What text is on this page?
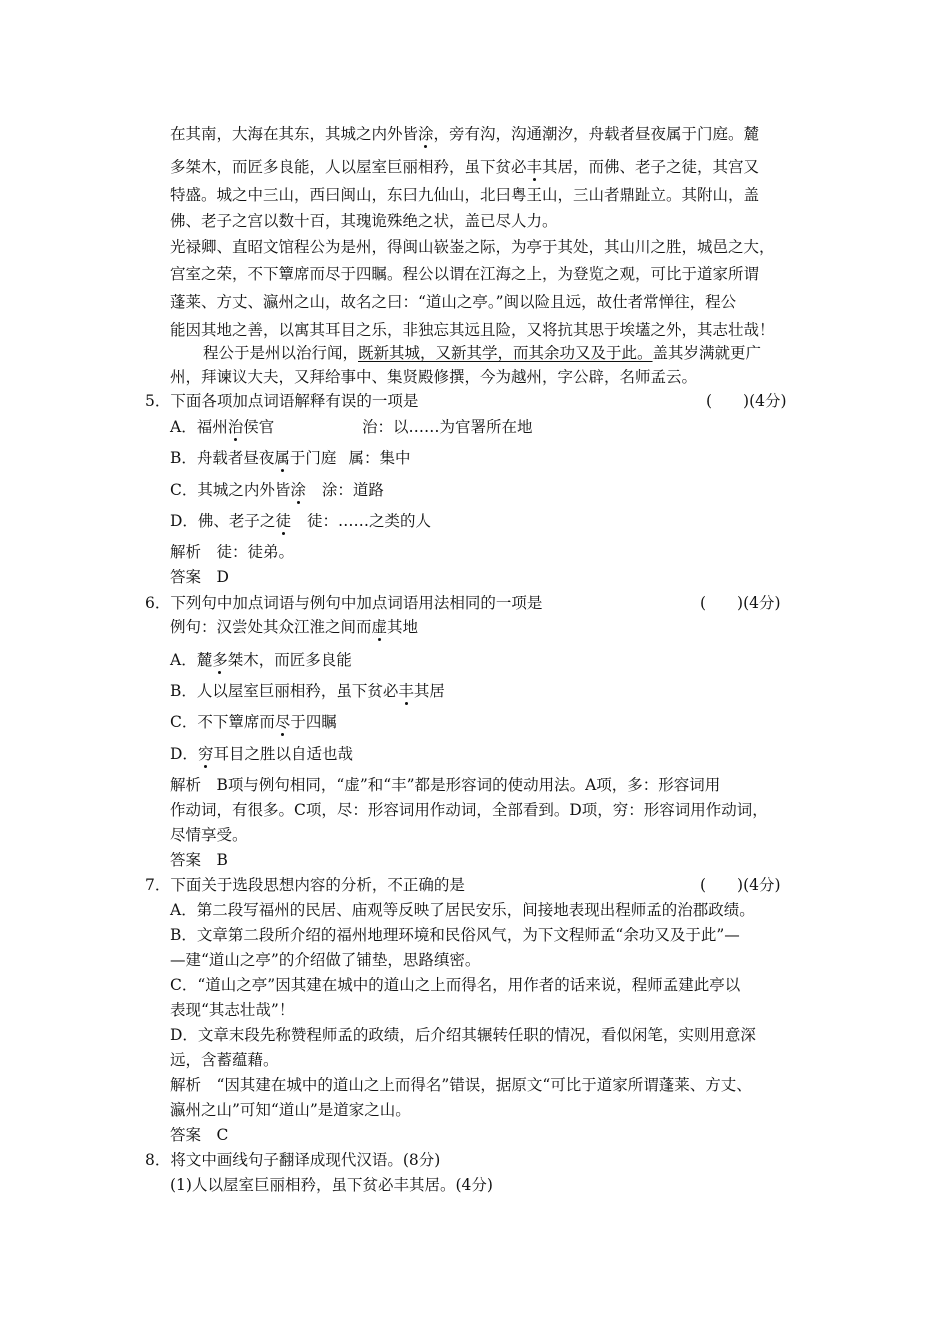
在其南，大海在其东，其城之内外皆涂，旁有沟，沟通潮汐，舟载者昼夜属于门庭。麓
多桀木，而匠多良能，人以屋室巨丽相矜，虽下贫必丰其居，而佛、老子之徒，其宫又
特盛。城之中三山，西曰闽山，东曰九仙山，北曰粤王山，三山者鼎趾立。其附山，盖
佛、老子之宫以数十百，其瑰诡殊绝之状，盖已尽人力。
光禄卿、直昭文馆程公为是州，得闽山嵚崟之际，为亭于其处，其山川之胜，城邑之大，
宫室之荣，不下簟席而尽于四瞩。程公以谓在江海之上，为登览之观，可比于道家所谓
蓬莱、方丈、瀛州之山，故名之曰：“道山之亭。”闽以险且远，故仕者常惮往，程公
能因其地之善，以寓其耳目之乐，非独忘其远且险，又将抗其思于埃壒之外，其志壮哉！
程公于是州以治行闻，既新其城，又新其学，而其余功又及于此。盖其岁满就更广
州，拜谏议大夫，又拜给事中、集贤殿修撰，今为越州，字公辟，名师孟云。
5．下面各项加点词语解释有误的一项是	(　　)(4分)
A．福州治侯官	治：以……为官署所在地
B．舟载者昼夜属于门庭 属：集中
C．其城之内外皆涂 涂：道路
D．佛、老子之徒 徒：……之类的人
解析　徒：徒弟。
答案　D
6．下列句中加点词语与例句中加点词语用法相同的一项是	(　　)(4分)
例句：汉尝处其众江淮之间而虚其地
A．麓多桀木，而匠多良能
B．人以屋室巨丽相矜，虽下贫必丰其居
C．不下簟席而尽于四瞩
D．穷耳目之胜以自适也哉
解析　B项与例句相同，“虚”和“丰”都是形容词的使动用法。A项，多：形容词用
作动词，有很多。C项，尽：形容词用作动词，全部看到。D项，穷：形容词用作动词，
尽情享受。
答案　B
7．下面关于选段思想内容的分析，不正确的是	(　　)(4分)
A．第二段写福州的民居、庙观等反映了居民安乐，间接地表现出程师孟的治郡政绩。
B．文章第二段所介绍的福州地理环境和民俗风气，为下文程师孟“余功又及于此”—
—建“道山之亭”的介绍做了铺垫，思路缜密。
C．“道山之亭”因其建在城中的道山之上而得名，用作者的话来说，程师孟建此亭以
表现“其志壮哉”！
D．文章末段先称赞程师孟的政绩，后介绍其辗转任职的情况，看似闲笔，实则用意深
远，含蓄蕴藉。
解析　“因其建在城中的道山之上而得名”错误，据原文“可比于道家所谓蓬莱、方丈、
瀛州之山”可知“道山”是道家之山。
答案　C
8．将文中画线句子翻译成现代汉语。(8分)
(1)人以屋室巨丽相矜，虽下贫必丰其居。(4分)
